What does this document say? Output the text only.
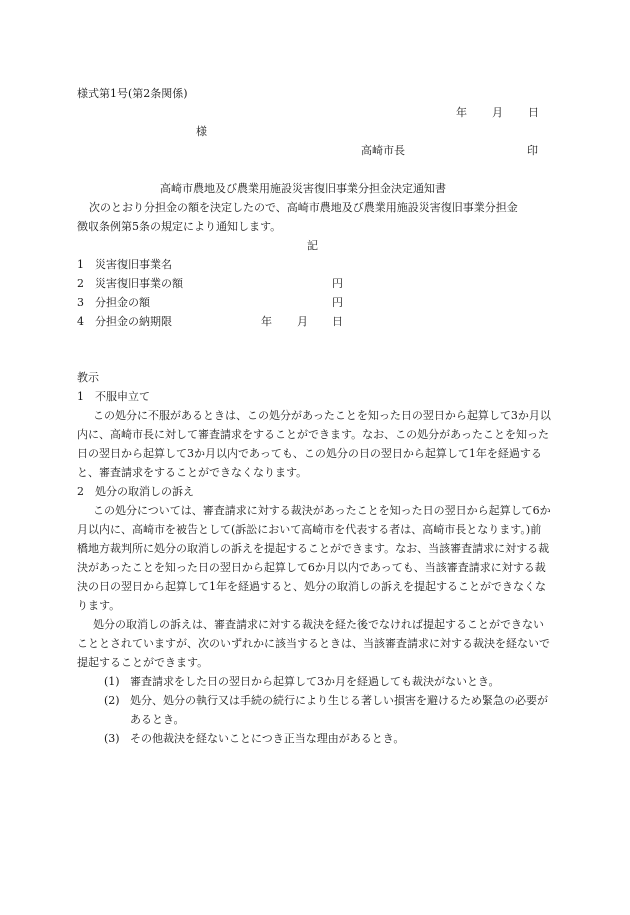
様式第1号(第2条関係)
年 月 日
様
高崎市長	印
高崎市農地及び農業用施設災害復旧事業分担金決定通知書
次のとおり分担金の額を決定したので、高崎市農地及び農業用施設災害復旧事業分担金
徴収条例第5条の規定により通知します。
記
1 災害復旧事業名
2 災害復旧事業の額	円
3 分担金の額	円
4 分担金の納期限	年 月 日
教示
1 不服申立て
この処分に不服があるときは、この処分があったことを知った日の翌日から起算して3か月以内に、高崎市長に対して審査請求をすることができます。なお、この処分があったことを知った日の翌日から起算して3か月以内であっても、この処分の日の翌日から起算して1年を経過すると、審査請求をすることができなくなります。
2 処分の取消しの訴え
この処分については、審査請求に対する裁決があったことを知った日の翌日から起算して6か月以内に、高崎市を被告として(訴訟において高崎市を代表する者は、高崎市長となります。)前橋地方裁判所に処分の取消しの訴えを提起することができます。なお、当該審査請求に対する裁決があったことを知った日の翌日から起算して6か月以内であっても、当該審査請求に対する裁決の日の翌日から起算して1年を経過すると、処分の取消しの訴えを提起することができなくなります。
処分の取消しの訴えは、審査請求に対する裁決を経た後でなければ提起することができないこととされていますが、次のいずれかに該当するときは、当該審査請求に対する裁決を経ないで提起することができます。
(1) 審査請求をした日の翌日から起算して3か月を経過しても裁決がないとき。
(2) 処分、処分の執行又は手続の続行により生じる著しい損害を避けるため緊急の必要があるとき。
(3) その他裁決を経ないことにつき正当な理由があるとき。
